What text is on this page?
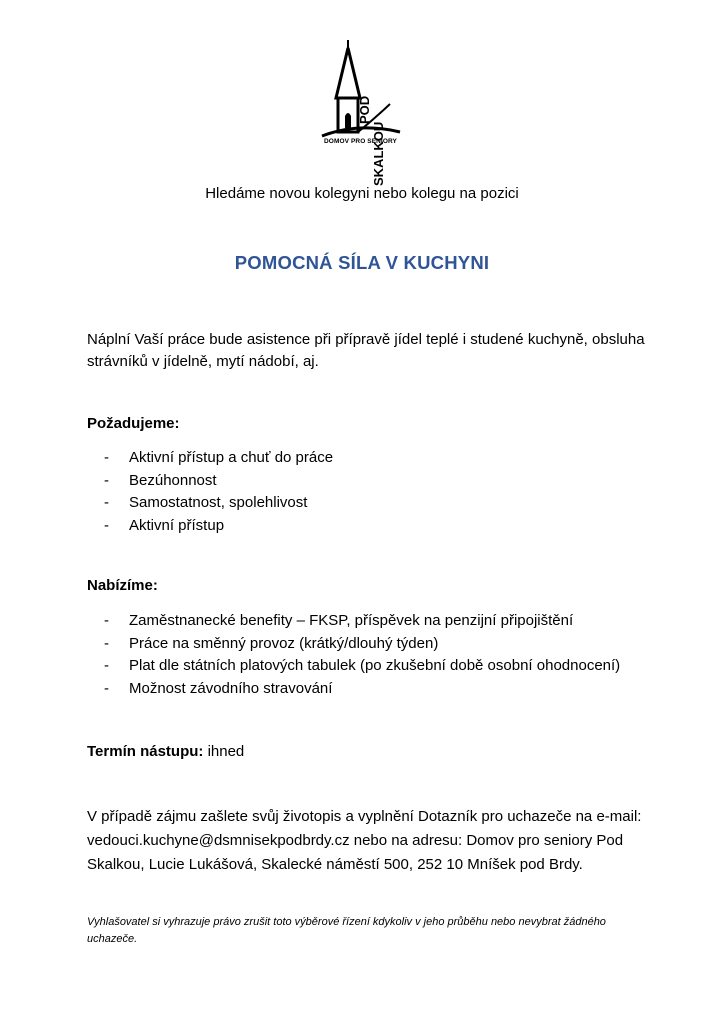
POD
SKALKOU
DOMOV PRO SENIORY
Hledáme novou kolegyni nebo kolegu na pozici
POMOCNÁ SÍLA V KUCHYNI
Náplní Vaší práce bude asistence při přípravě jídel teplé i studené kuchyně, obsluha strávníků v jídelně, mytí nádobí, aj.
Požadujeme:
- Aktivní přístup a chuť do práce
- Bezúhonnost
- Samostatnost, spolehlivost
- Aktivní přístup
Nabízíme:
- Zaměstnanecké benefity – FKSP, příspěvek na penzijní připojištění
- Práce na směnný provoz (krátký/dlouhý týden)
- Plat dle státních platových tabulek (po zkušební době osobní ohodnocení)
- Možnost závodního stravování
Termín nástupu: ihned
V případě zájmu zašlete svůj životopis a vyplnění Dotazník pro uchazeče na e-mail: vedouci.kuchyne@dsmnisekpodbrdy.cz nebo na adresu: Domov pro seniory Pod Skalkou, Lucie Lukášová, Skalecké náměstí 500, 252 10 Mníšek pod Brdy.
Vyhlašovatel si vyhrazuje právo zrušit toto výběrové řízení kdykoliv v jeho průběhu nebo nevybrat žádného uchazeče.
